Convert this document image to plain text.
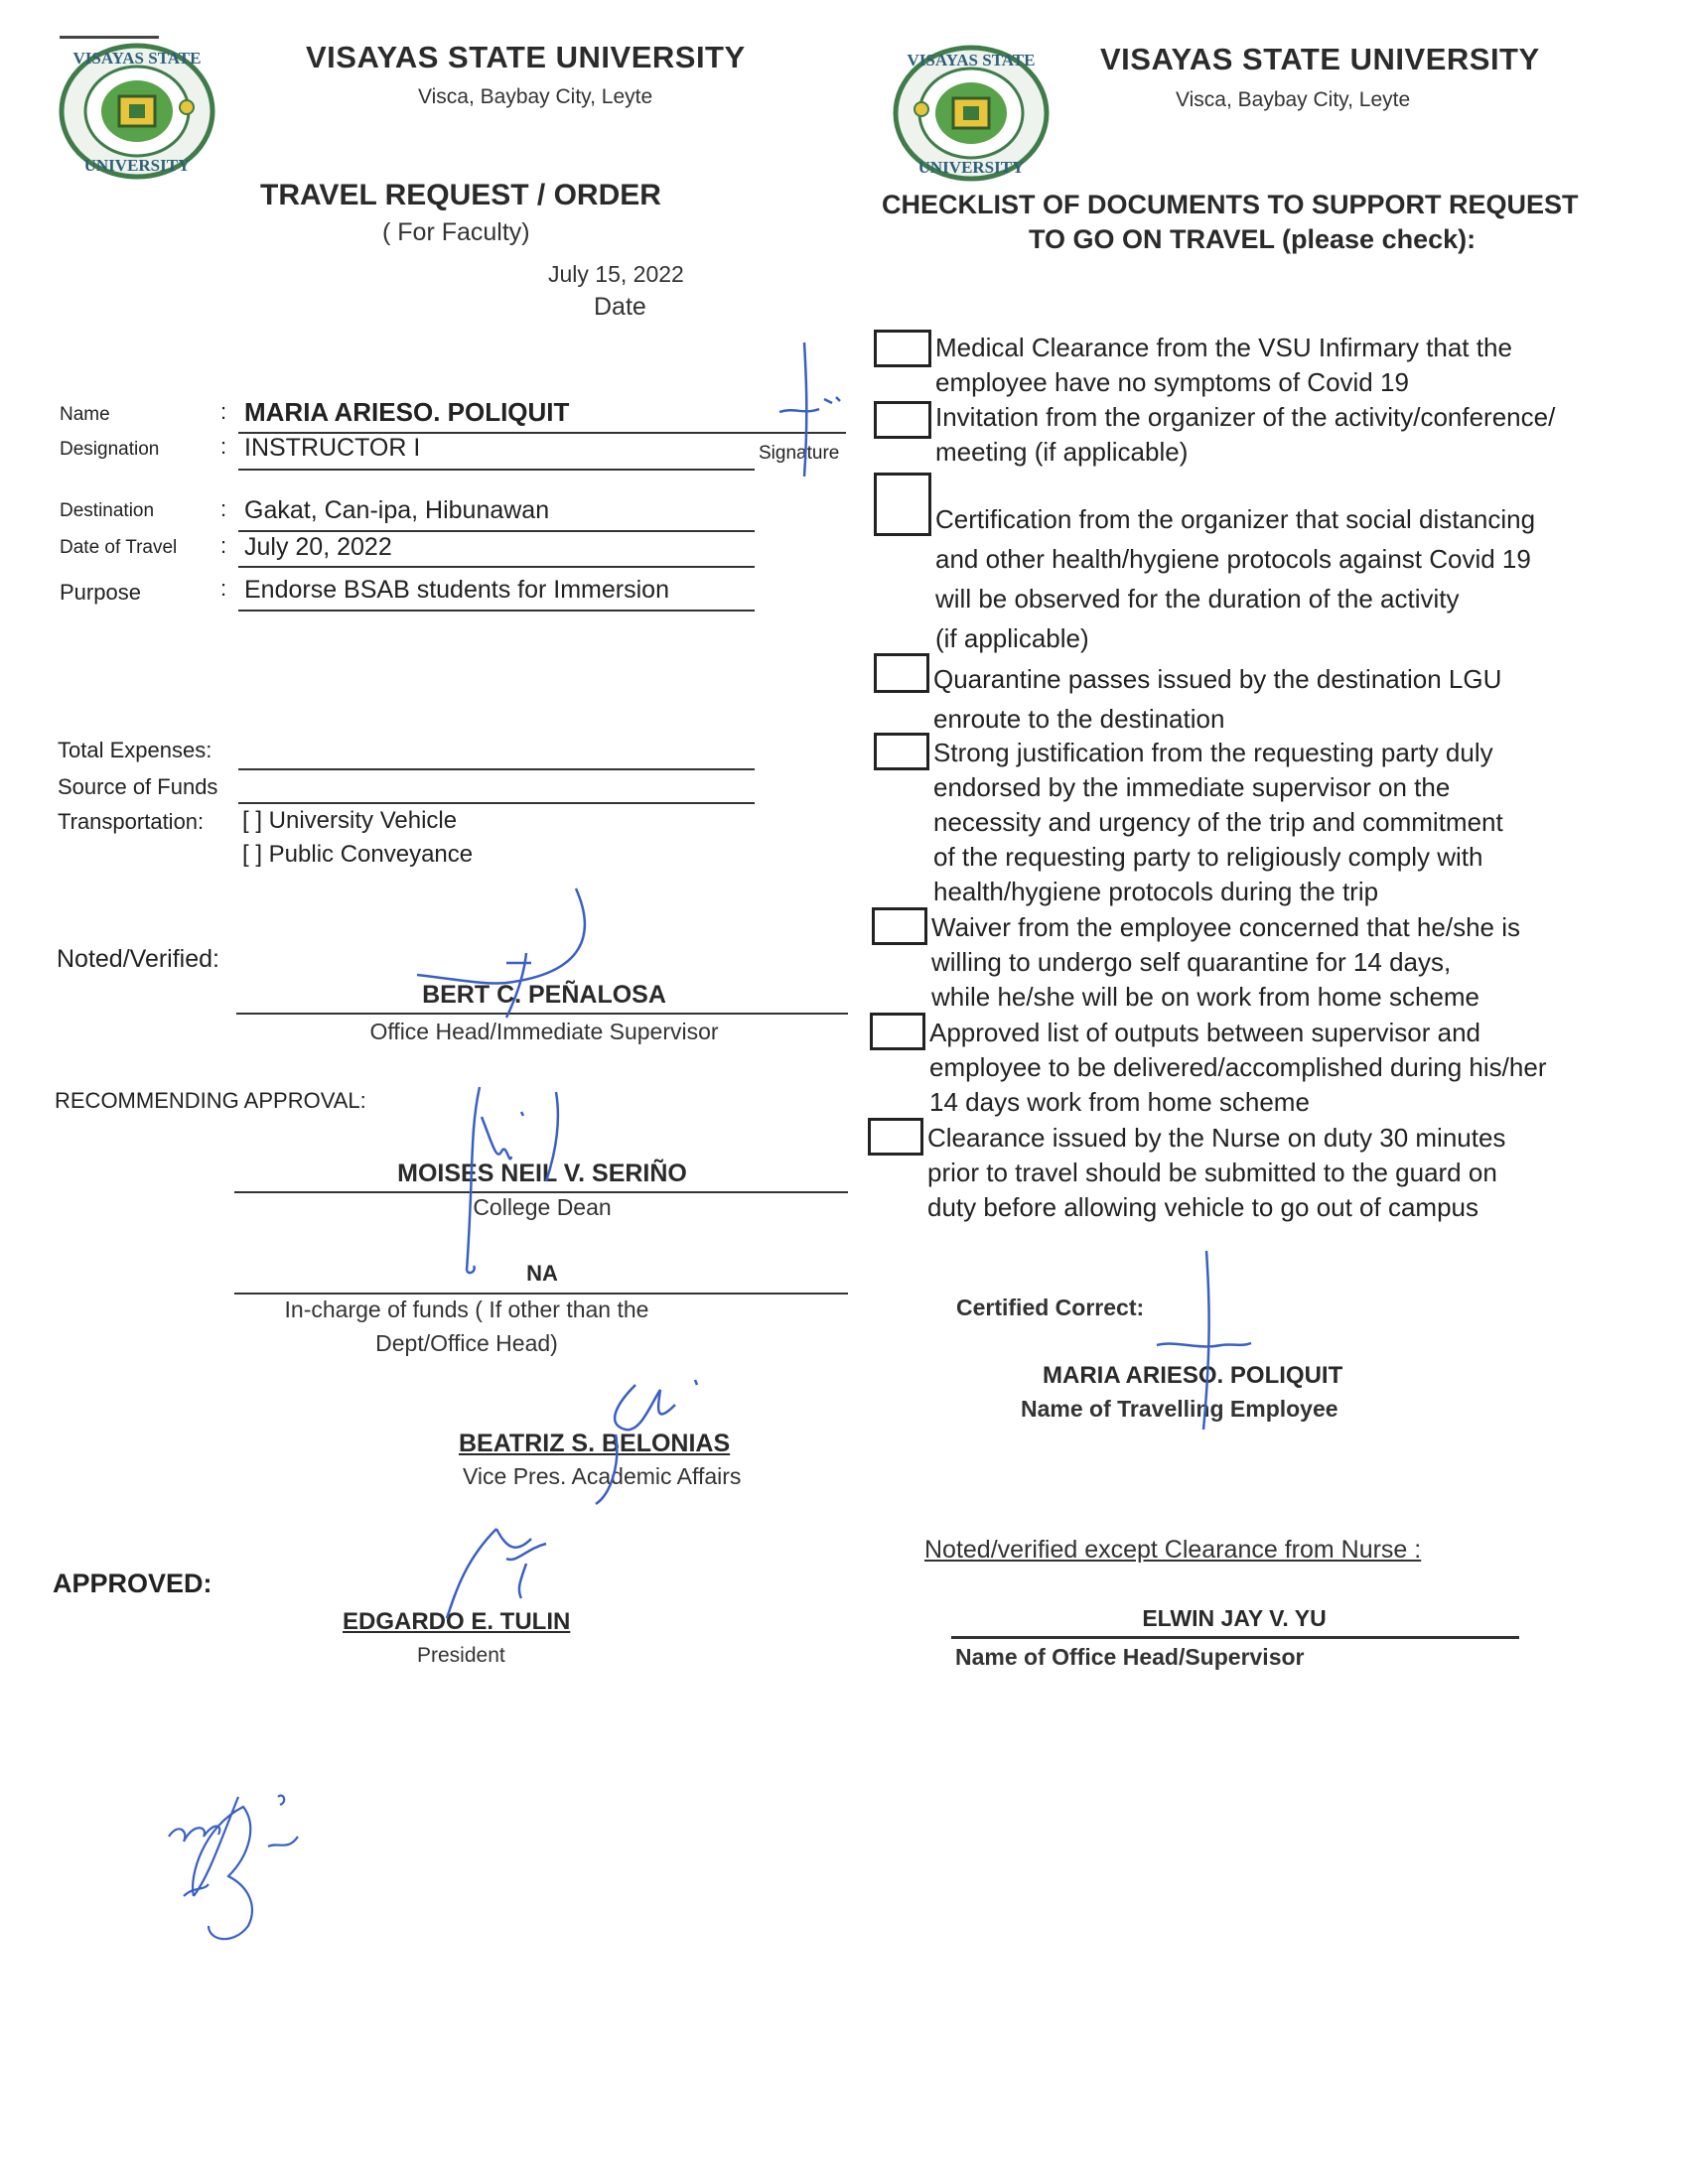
VISAYAS STATE
UNIVERSITY
VISAYAS STATE UNIVERSITY
Visca, Baybay City, Leyte
TRAVEL REQUEST / ORDER
( For Faculty)
July 15, 2022
Date
Name	: MARIA ARIESO. POLIQUIT
Designation	: INSTRUCTOR I	Signature
Destination	: Gakat, Can-ipa, Hibunawan
Date of Travel : July 20, 2022
Purpose	: Endorse BSAB students for Immersion
Total Expenses:
Source of Funds
Transportation: [ ] University Vehicle
[ ] Public Conveyance
Noted/Verified:
BERT C. PEÑALOSA
Office Head/Immediate Supervisor
RECOMMENDING APPROVAL:
MOISES NEIL V. SERIÑO
College Dean
NA
In-charge of funds ( If other than the
Dept/Office Head)
BEATRIZ S. BELONIAS
Vice Pres. Academic Affairs
APPROVED:
EDGARDO E. TULIN
President
VISAYAS STATE
UNIVERSITY
VISAYAS STATE UNIVERSITY
Visca, Baybay City, Leyte
CHECKLIST OF DOCUMENTS TO SUPPORT REQUEST
TO GO ON TRAVEL (please check):
Medical Clearance from the VSU Infirmary that the
employee have no symptoms of Covid 19
Invitation from the organizer of the activity/conference/
meeting (if applicable)
Certification from the organizer that social distancing
and other health/hygiene protocols against Covid 19
will be observed for the duration of the activity
(if applicable)
Quarantine passes issued by the destination LGU
enroute to the destination
Strong justification from the requesting party duly
endorsed by the immediate supervisor on the
necessity and urgency of the trip and commitment
of the requesting party to religiously comply with
health/hygiene protocols during the trip
Waiver from the employee concerned that he/she is
willing to undergo self quarantine for 14 days,
while he/she will be on work from home scheme
Approved list of outputs between supervisor and
employee to be delivered/accomplished during his/her
14 days work from home scheme
Clearance issued by the Nurse on duty 30 minutes
prior to travel should be submitted to the guard on
duty before allowing vehicle to go out of campus
Certified Correct:
MARIA ARIESO. POLIQUIT
Name of Travelling Employee
Noted/verified except Clearance from Nurse :
ELWIN JAY V. YU
Name of Office Head/Supervisor
